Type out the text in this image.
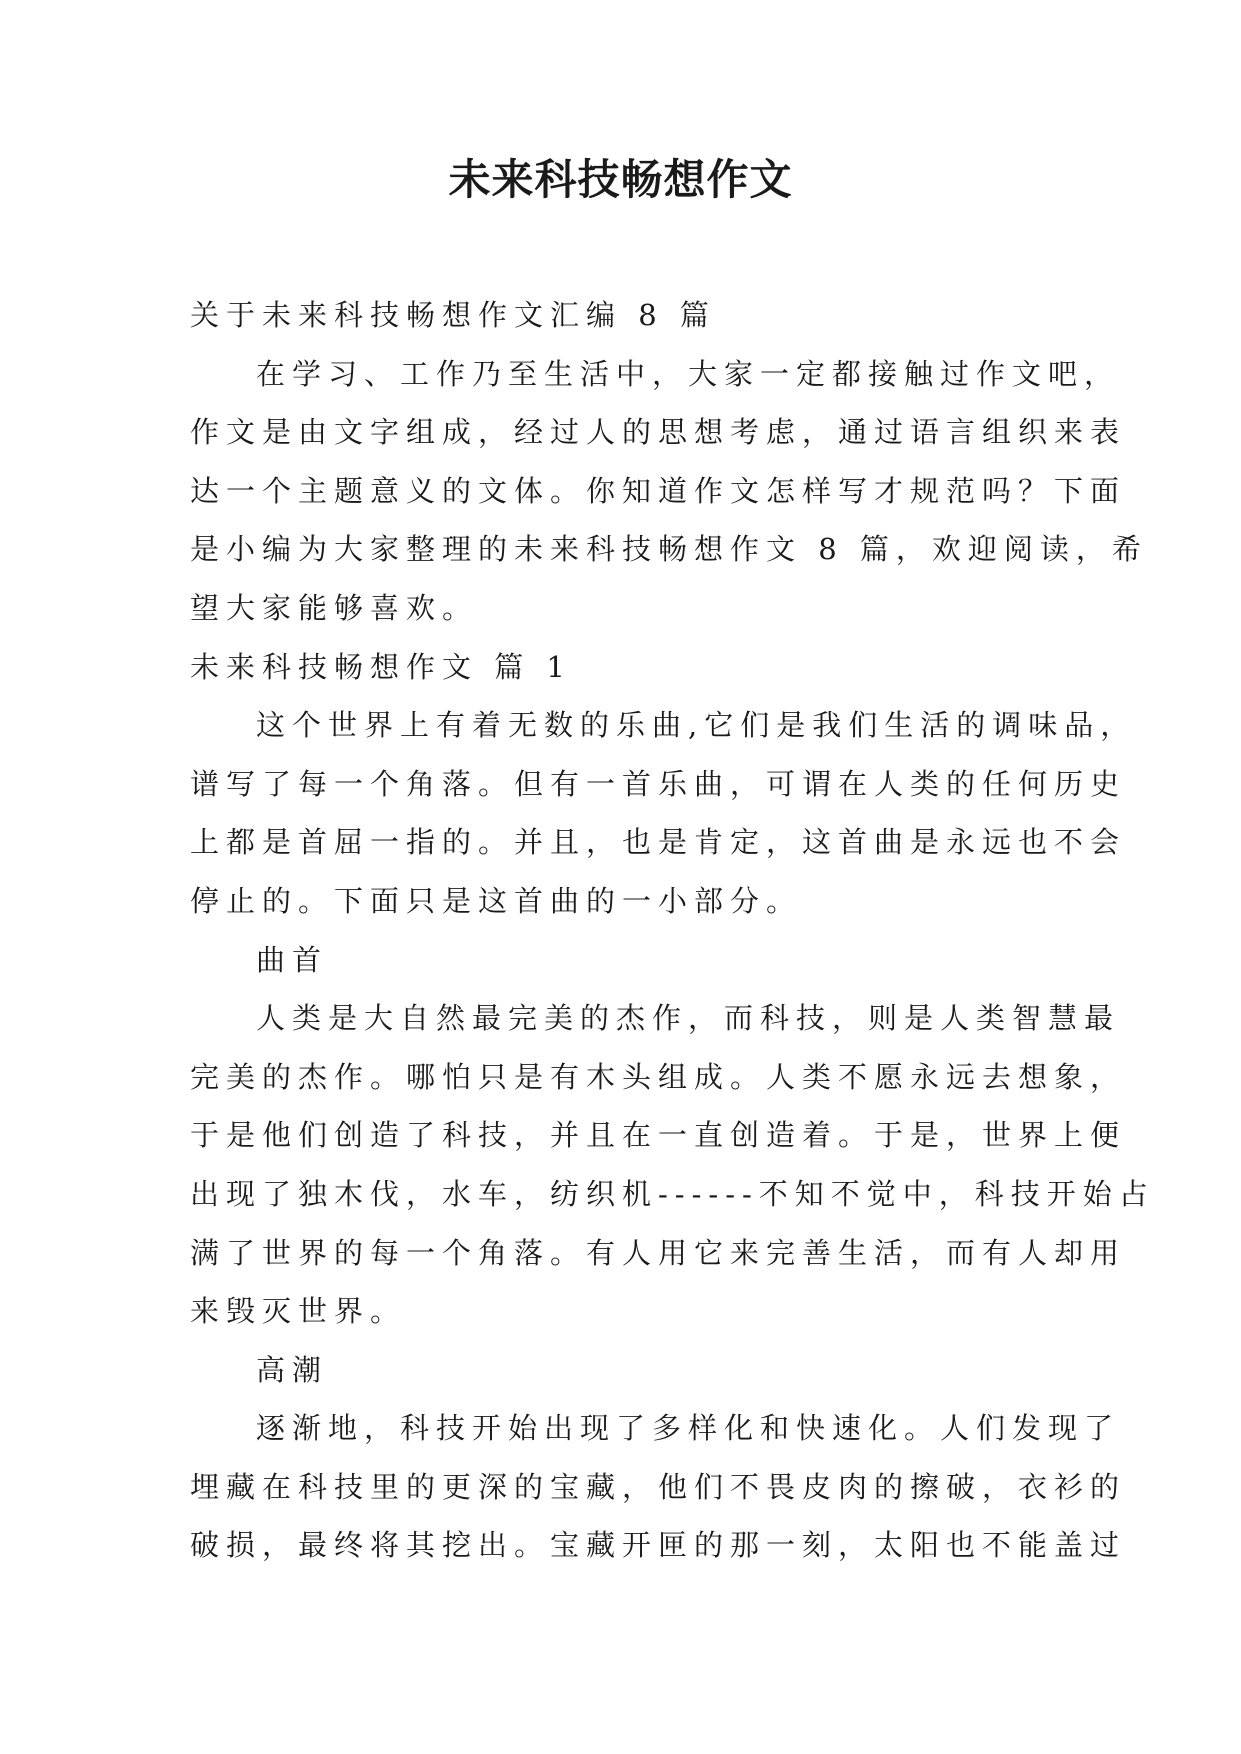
未来科技畅想作文

关于未来科技畅想作文汇编 8 篇

在学习、工作乃至生活中，大家一定都接触过作文吧，

作文是由文字组成，经过人的思想考虑，通过语言组织来表

达一个主题意义的文体。你知道作文怎样写才规范吗？下面

是小编为大家整理的未来科技畅想作文 8 篇，欢迎阅读，希

望大家能够喜欢。

未来科技畅想作文 篇 1

这个世界上有着无数的乐曲,它们是我们生活的调味品，

谱写了每一个角落。但有一首乐曲，可谓在人类的任何历史

上都是首屈一指的。并且，也是肯定，这首曲是永远也不会

停止的。下面只是这首曲的一小部分。

曲首

人类是大自然最完美的杰作，而科技，则是人类智慧最

完美的杰作。哪怕只是有木头组成。人类不愿永远去想象，

于是他们创造了科技，并且在一直创造着。于是，世界上便

出现了独木伐，水车，纺织机------不知不觉中，科技开始占

满了世界的每一个角落。有人用它来完善生活，而有人却用

来毁灭世界。

高潮

逐渐地，科技开始出现了多样化和快速化。人们发现了

埋藏在科技里的更深的宝藏，他们不畏皮肉的擦破，衣衫的

破损，最终将其挖出。宝藏开匣的那一刻，太阳也不能盖过
